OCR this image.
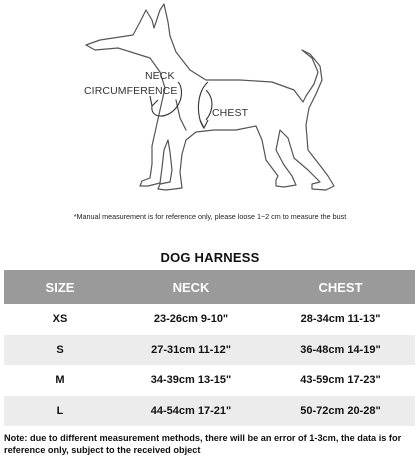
NECK
CIRCUMFERENCE
CHEST
*Manual measurement is for reference only, please loose 1~2 cm to measure the bust
DOG HARNESS
SIZE	NECK	CHEST
XS	23-26cm 9-10"	28-34cm 11-13"
S	27-31cm 11-12"	36-48cm 14-19"
M	34-39cm 13-15"	43-59cm 17-23"
L	44-54cm 17-21"	50-72cm 20-28"
Note: due to different measurement methods, there will be an error of 1-3cm, the data is for reference only, subject to the received object
